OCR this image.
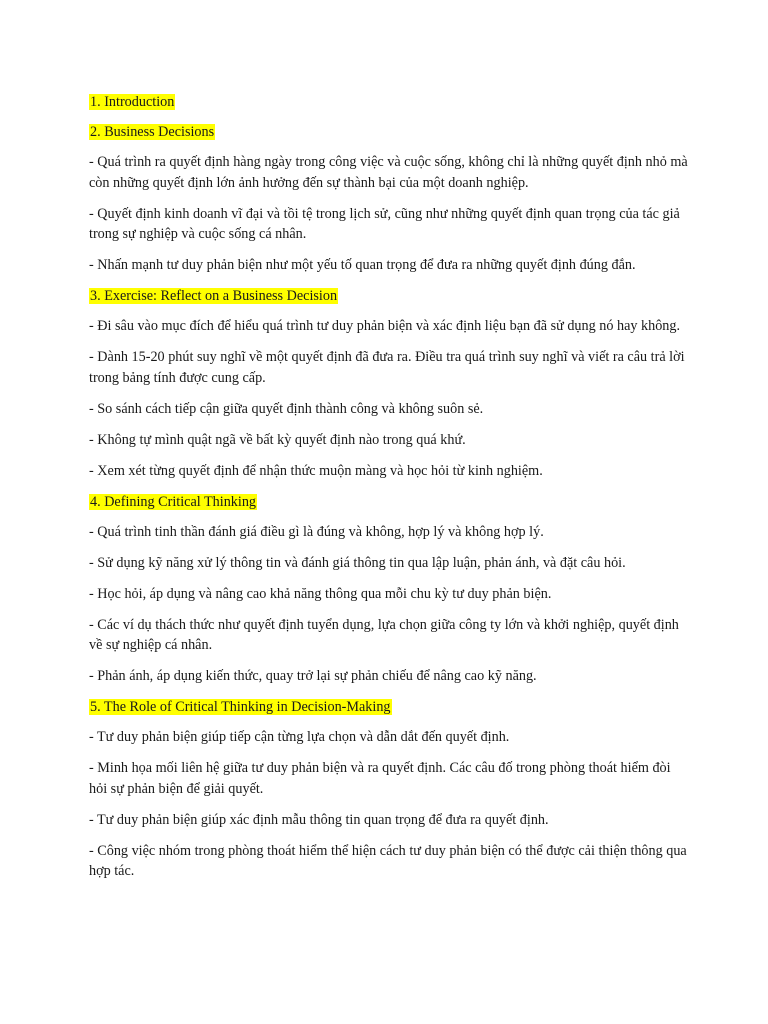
1. Introduction
2. Business Decisions

- Quá trình ra quyết định hàng ngày trong công việc và cuộc sống, không chỉ là những quyết định nhỏ mà còn những quyết định lớn ảnh hưởng đến sự thành bại của một doanh nghiệp.

- Quyết định kinh doanh vĩ đại và tồi tệ trong lịch sử, cũng như những quyết định quan trọng của tác giả trong sự nghiệp và cuộc sống cá nhân.

- Nhấn mạnh tư duy phản biện như một yếu tố quan trọng để đưa ra những quyết định đúng đắn.

3. Exercise: Reflect on a Business Decision

- Đi sâu vào mục đích để hiểu quá trình tư duy phản biện và xác định liệu bạn đã sử dụng nó hay không.

- Dành 15-20 phút suy nghĩ về một quyết định đã đưa ra. Điều tra quá trình suy nghĩ và viết ra câu trả lời trong bảng tính được cung cấp.

- So sánh cách tiếp cận giữa quyết định thành công và không suôn sẻ.

- Không tự mình quật ngã về bất kỳ quyết định nào trong quá khứ.

- Xem xét từng quyết định để nhận thức muộn màng và học hỏi từ kinh nghiệm.

4. Defining Critical Thinking

- Quá trình tinh thần đánh giá điều gì là đúng và không, hợp lý và không hợp lý.

- Sử dụng kỹ năng xử lý thông tin và đánh giá thông tin qua lập luận, phản ánh, và đặt câu hỏi.

- Học hỏi, áp dụng và nâng cao khả năng thông qua mỗi chu kỳ tư duy phản biện.

- Các ví dụ thách thức như quyết định tuyển dụng, lựa chọn giữa công ty lớn và khởi nghiệp, quyết định về sự nghiệp cá nhân.

- Phản ánh, áp dụng kiến thức, quay trở lại sự phản chiếu để nâng cao kỹ năng.

5. The Role of Critical Thinking in Decision-Making

- Tư duy phản biện giúp tiếp cận từng lựa chọn và dẫn dắt đến quyết định.

- Minh họa mối liên hệ giữa tư duy phản biện và ra quyết định. Các câu đố trong phòng thoát hiểm đòi hỏi sự phản biện để giải quyết.

- Tư duy phản biện giúp xác định mẫu thông tin quan trọng để đưa ra quyết định.

- Công việc nhóm trong phòng thoát hiểm thể hiện cách tư duy phản biện có thể được cải thiện thông qua hợp tác.
